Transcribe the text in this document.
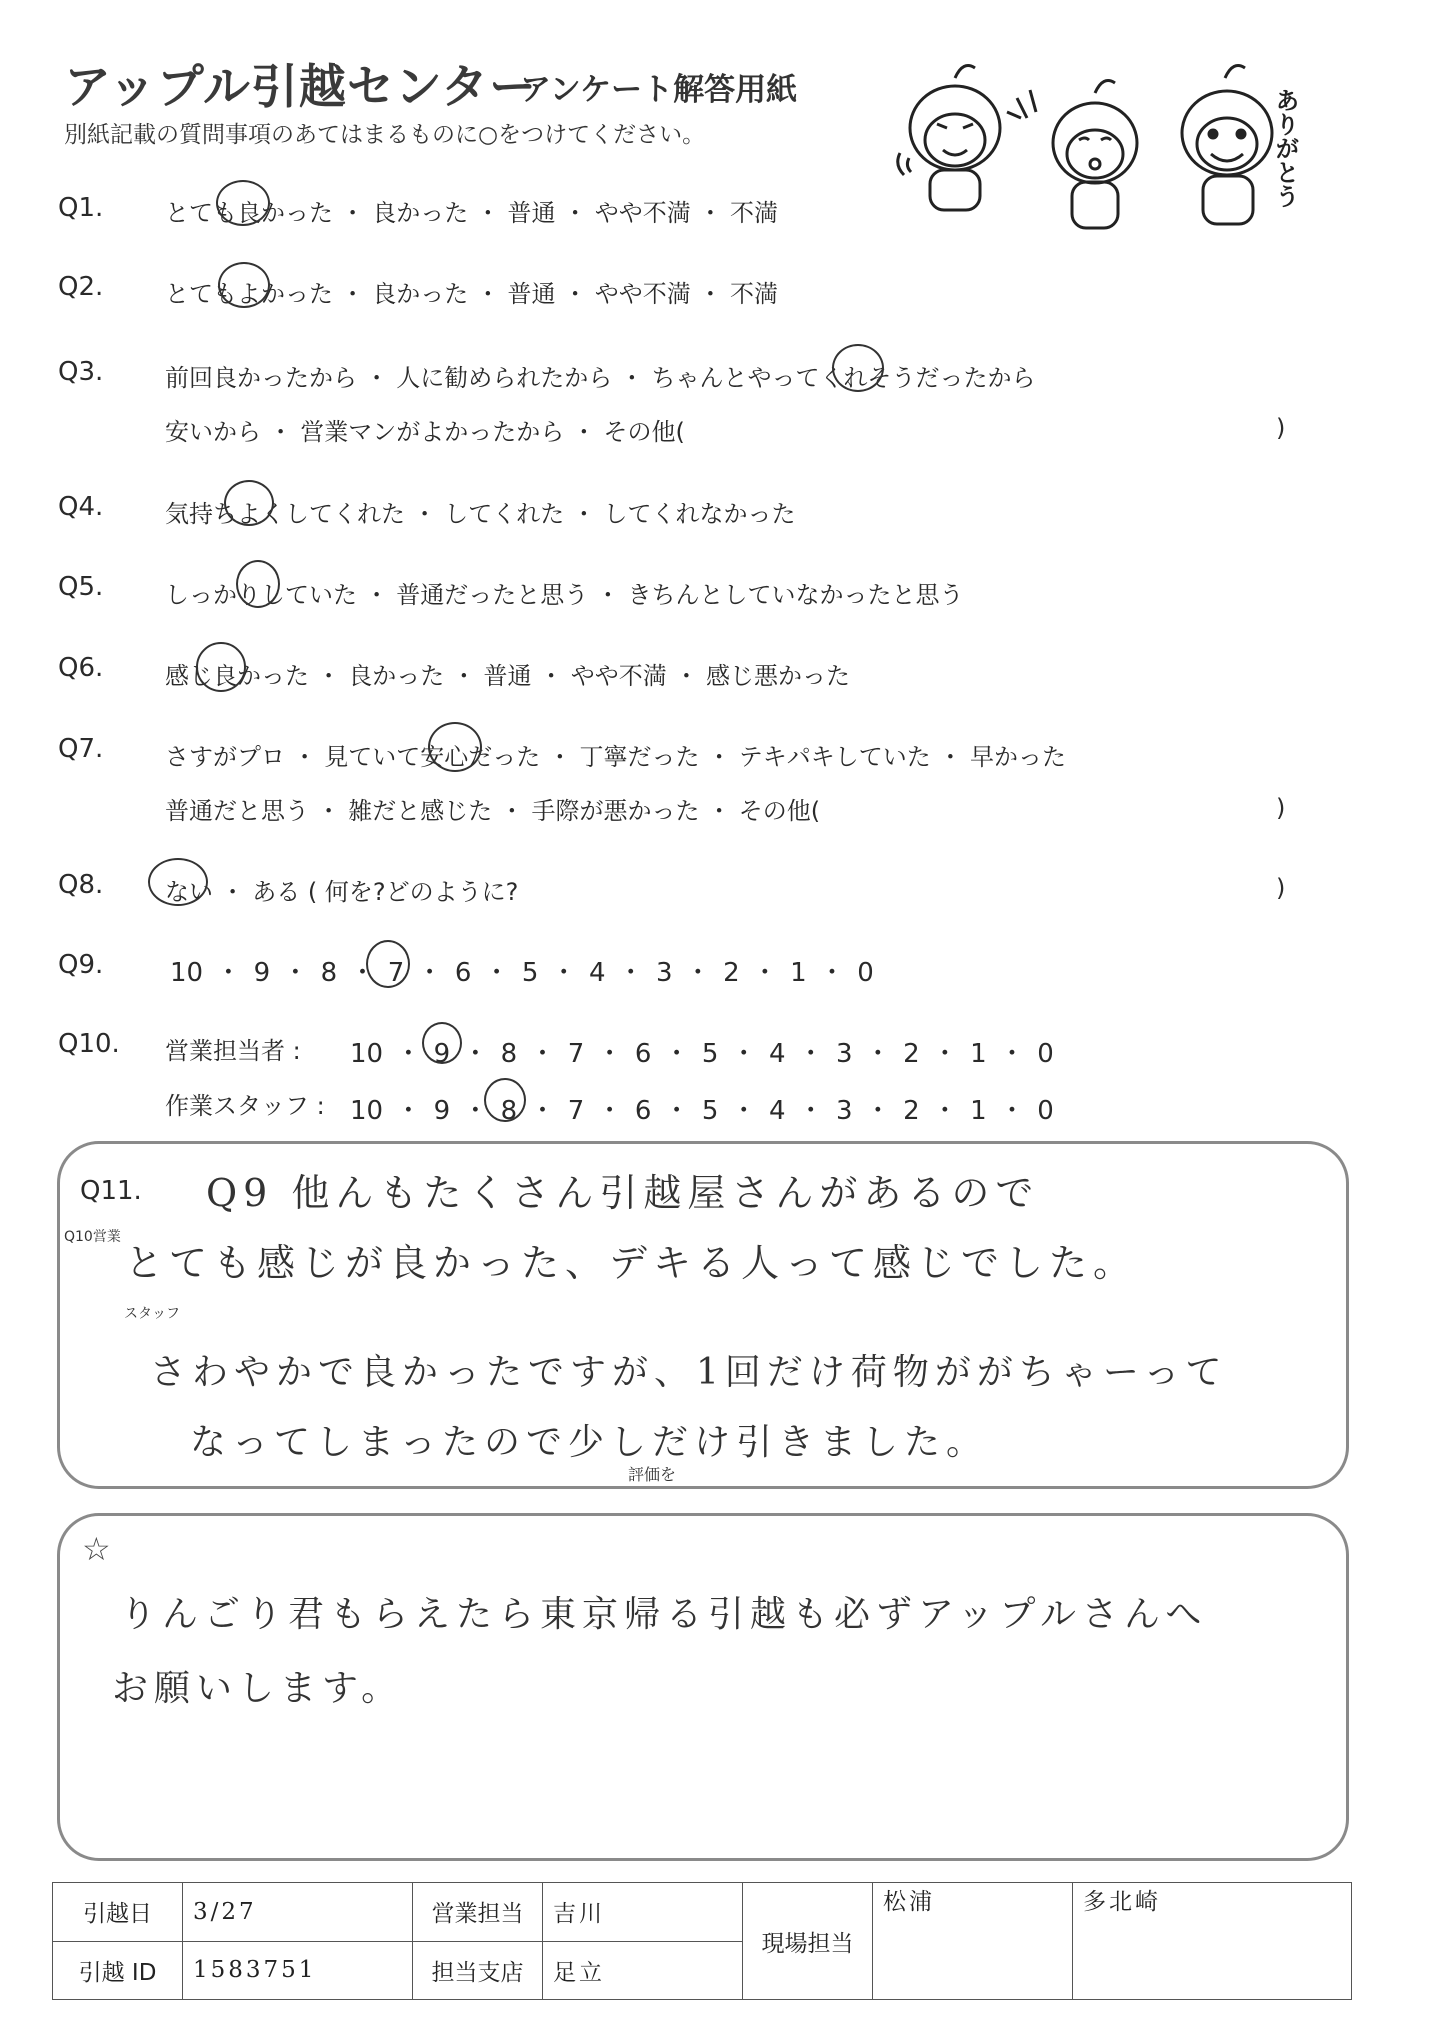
アップル引越センター
アンケート解答用紙
別紙記載の質問事項のあてはまるものに○をつけてください。	ありがとう
Q1.	とても良かった ・ 良かった ・ 普通 ・ やや不満 ・ 不満
Q2.	とてもよかった ・ 良かった ・ 普通 ・ やや不満 ・ 不満
Q3.	前回良かったから ・ 人に勧められたから ・ ちゃんとやってくれそうだったから
安いから ・ 営業マンがよかったから ・ その他(	)
Q4.	気持ちよくしてくれた ・ してくれた ・ してくれなかった
Q5.	しっかりしていた ・ 普通だったと思う ・ きちんとしていなかったと思う
Q6.	感じ良かった ・ 良かった ・ 普通 ・ やや不満 ・ 感じ悪かった
Q7.	さすがプロ ・ 見ていて安心だった ・ 丁寧だった ・ テキパキしていた ・ 早かった
普通だと思う ・ 雑だと感じた ・ 手際が悪かった ・ その他(	)
Q8.	ない ・ ある ( 何を?どのように?	)
Q9.	10 ・ 9 ・ 8 ・ 7 ・ 6 ・ 5 ・ 4 ・ 3 ・ 2 ・ 1 ・ 0
Q10. 営業担当者 : 10 ・ 9 ・ 8 ・ 7 ・ 6 ・ 5 ・ 4 ・ 3 ・ 2 ・ 1 ・ 0
作業スタッフ : 10 ・ 9 ・ 8 ・ 7 ・ 6 ・ 5 ・ 4 ・ 3 ・ 2 ・ 1 ・ 0
Q11.
Q10営業
Q9 他んもたくさん引越屋さんがあるので
とても感じが良かった、デキる人って感じでした。
スタッフ
さわやかで良かったですが、1回だけ荷物ががちゃーって
なってしまったので少しだけ引きました。
評価を
☆
りんごり君もらえたら東京帰る引越も必ずアップルさんへ
お願いします。
引越日	3/27	営業担当	吉川	現場担当	松浦	多北崎
引越 ID	1583751	担当支店	足立			
